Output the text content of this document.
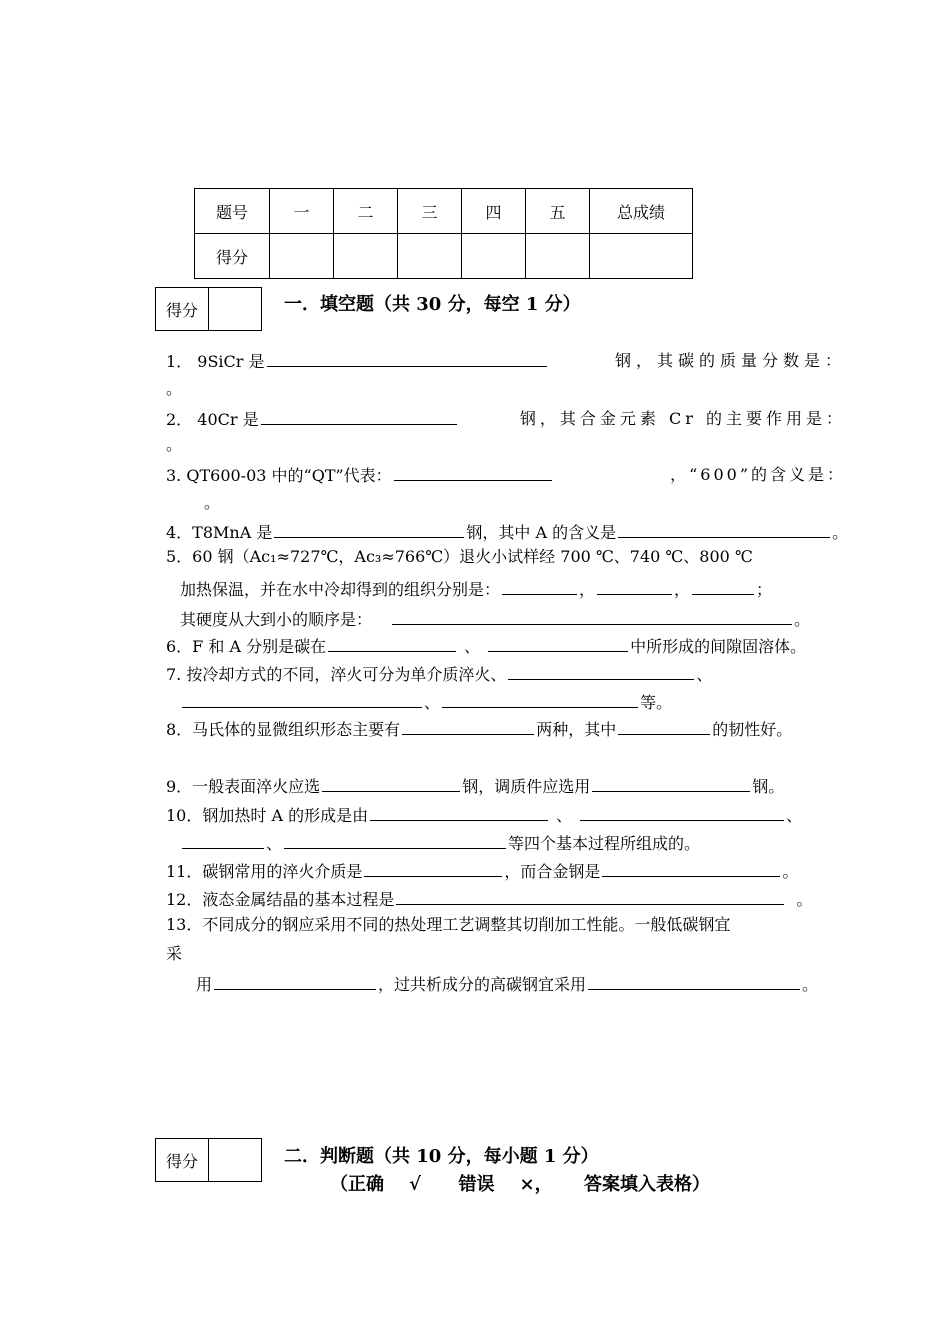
题号	一	二	三	四	五	总成绩
得分						
得分	一．填空题（共 30 分，每空 1 分）
1． 9SiCr 是	钢，其碳的质量分数是：
。
2． 40Cr 是	钢，其合金元素 Cr 的主要作用是：
。
3. QT600-03 中的“QT”代表：	，“600”的含义是：
。
4．T8MnA 是	钢，其中 A 的含义是	。
5．60 钢（Ac₁≈727℃，Ac₃≈766℃）退火小试样经 700 ℃、740 ℃、800 ℃
加热保温，并在水中冷却得到的组织分别是：	，	，	；
其硬度从大到小的顺序是：	。
6．F 和 A 分别是碳在	、	中所形成的间隙固溶体。
7. 按冷却方式的不同，淬火可分为单介质淬火、	、
、	等。
8．马氏体的显微组织形态主要有	两种，其中	的韧性好。
9．一般表面淬火应选	钢，调质件应选用	钢。
10．钢加热时 A 的形成是由	、	、
、	等四个基本过程所组成的。
11．碳钢常用的淬火介质是	，而合金钢是	。
12．液态金属结晶的基本过程是	。
13．不同成分的钢应采用不同的热处理工艺调整其切削加工性能。一般低碳钢宜
采
用	，过共析成分的高碳钢宜采用	。
得分	二．判断题（共 10 分，每小题 1 分）
（正确    √      错误    ×，     答案填入表格）
